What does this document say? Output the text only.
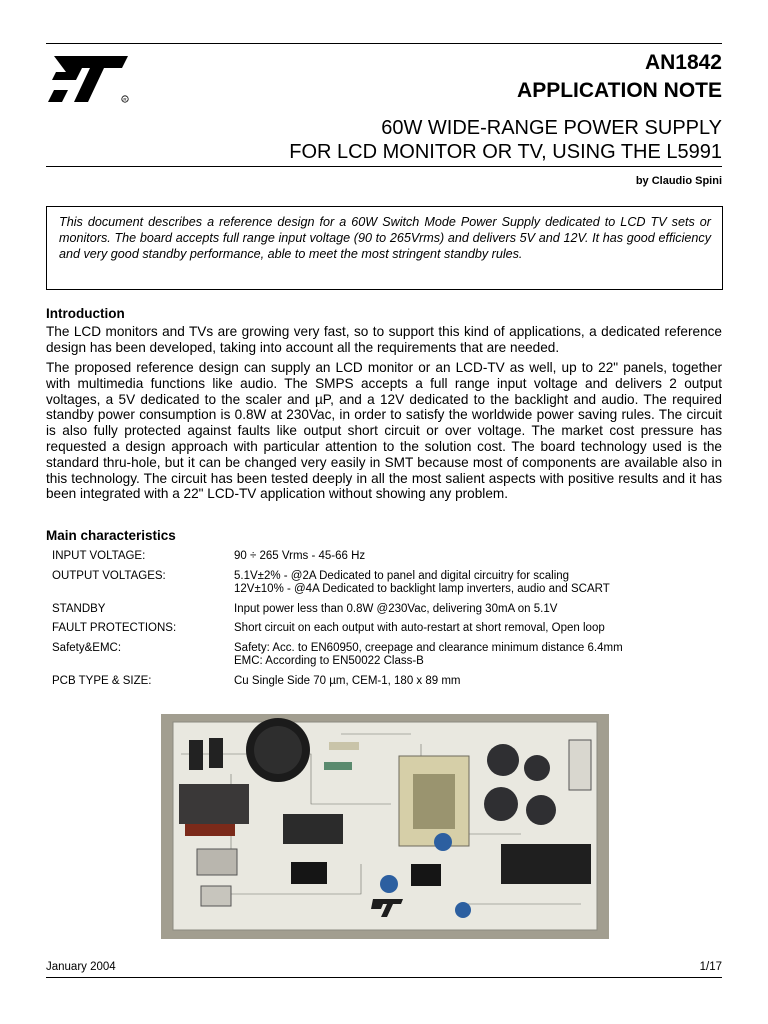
R
AN1842
APPLICATION NOTE
60W WIDE-RANGE POWER SUPPLY
FOR LCD MONITOR OR TV, USING THE L5991
by Claudio Spini
This document describes a reference design for a 60W Switch Mode Power Supply dedicated to LCD TV sets or monitors. The board accepts full range input voltage (90 to 265Vrms) and delivers 5V and 12V. It has good efficiency and very good standby performance, able to meet the most stringent standby rules.
Introduction

The LCD monitors and TVs are growing very fast, so to support this kind of applications, a dedicated reference design has been developed, taking into account all the requirements that are needed.

The proposed reference design can supply an LCD monitor or an LCD-TV as well, up to 22" panels, together with multimedia functions like audio. The SMPS accepts a full range input voltage and delivers 2 output voltages, a 5V dedicated to the scaler and µP, and a 12V dedicated to the backlight and audio. The required standby power consumption is 0.8W at 230Vac, in order to satisfy the worldwide power saving rules. The circuit is also fully protected against faults like output short circuit or over voltage. The market cost pressure has requested a design approach with particular attention to the solution cost. The board technology used is the standard thru-hole, but it can be changed very easily in SMT because most of components are available also in this technology. The circuit has been tested deeply in all the most salient aspects with positive results and it has been integrated with a 22" LCD-TV application without showing any problem.

Main characteristics
INPUT VOLTAGE:	90 ÷ 265 Vrms - 45-66 Hz

OUTPUT VOLTAGES:	5.1V±2% - @2A Dedicated to panel and digital circuitry for scaling
12V±10% - @4A Dedicated to backlight lamp inverters, audio and SCART

STANDBY	Input power less than 0.8W @230Vac, delivering 30mA on 5.1V

FAULT PROTECTIONS:	Short circuit on each output with auto-restart at short removal, Open loop

Safety&EMC:	Safety: Acc. to EN60950, creepage and clearance minimum distance 6.4mm
EMC: According to EN50022 Class-B

PCB TYPE & SIZE:	Cu Single Side 70 µm, CEM-1, 180 x 89 mm
January 2004	1/17
